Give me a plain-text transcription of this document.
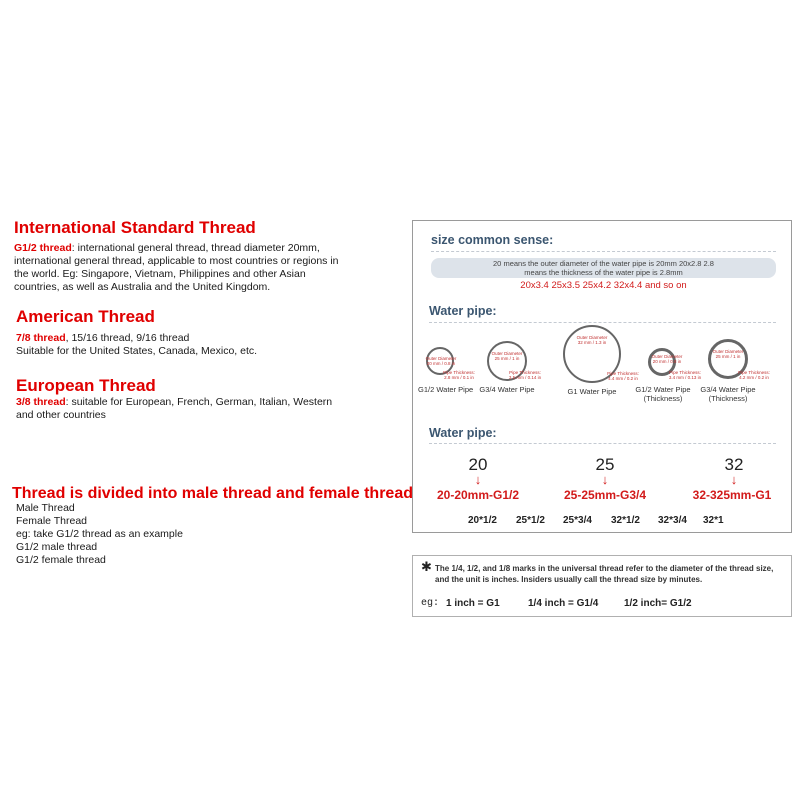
International Standard Thread
G1/2 thread: international general thread, thread diameter 20mm,
international general thread, applicable to most countries or regions in
the world. Eg: Singapore, Vietnam, Philippines and other Asian
countries, as well as Australia and the United Kingdom.
American Thread
7/8 thread, 15/16 thread, 9/16 thread
Suitable for the United States, Canada, Mexico, etc.
European Thread
3/8 thread: suitable for European, French, German, Italian, Western
and other countries
Thread is divided into male thread and female thread
Male Thread
Female Thread
eg: take G1/2 thread as an example
G1/2 male thread
G1/2 female thread
size common sense:
20 means the outer diameter of the water pipe is 20mm 20x2.8 2.8
means the thickness of the water pipe is 2.8mm
20x3.4 25x3.5 25x4.2 32x4.4 and so on
Water pipe:
Outer Diameter
20 mm / 0.8 in
Pipe Thickness:
2.8 mm / 0.1 in
G1/2 Water Pipe
Outer Diameter
25 mm / 1 in
Pipe Thickness:
3.5 mm / 0.14 in
G3/4 Water Pipe
Outer Diameter
32 mm / 1.3 in
Pipe Thickness:
4.4 mm / 0.2 in
G1 Water Pipe
Outer Diameter
20 mm / 0.8 in
Pipe Thickness:
3.4 mm / 0.13 in
G1/2 Water Pipe
(Thickness)
Outer Diameter
25 mm / 1 in
Pipe Thickness:
4.2 mm / 0.2 in
G3/4 Water Pipe
(Thickness)
Water pipe:
20
↓
20-20mm-G1/2
25
↓
25-25mm-G3/4
32
↓
32-325mm-G1
20*1/2 25*1/2 25*3/4 32*1/2 32*3/4 32*1
✱ The 1/4, 1/2, and 1/8 marks in the universal thread refer to the diameter of the thread size,
and the unit is inches. Insiders usually call the thread size by minutes.
eg: 1 inch = G1	1/4 inch = G1/4	1/2 inch= G1/2
